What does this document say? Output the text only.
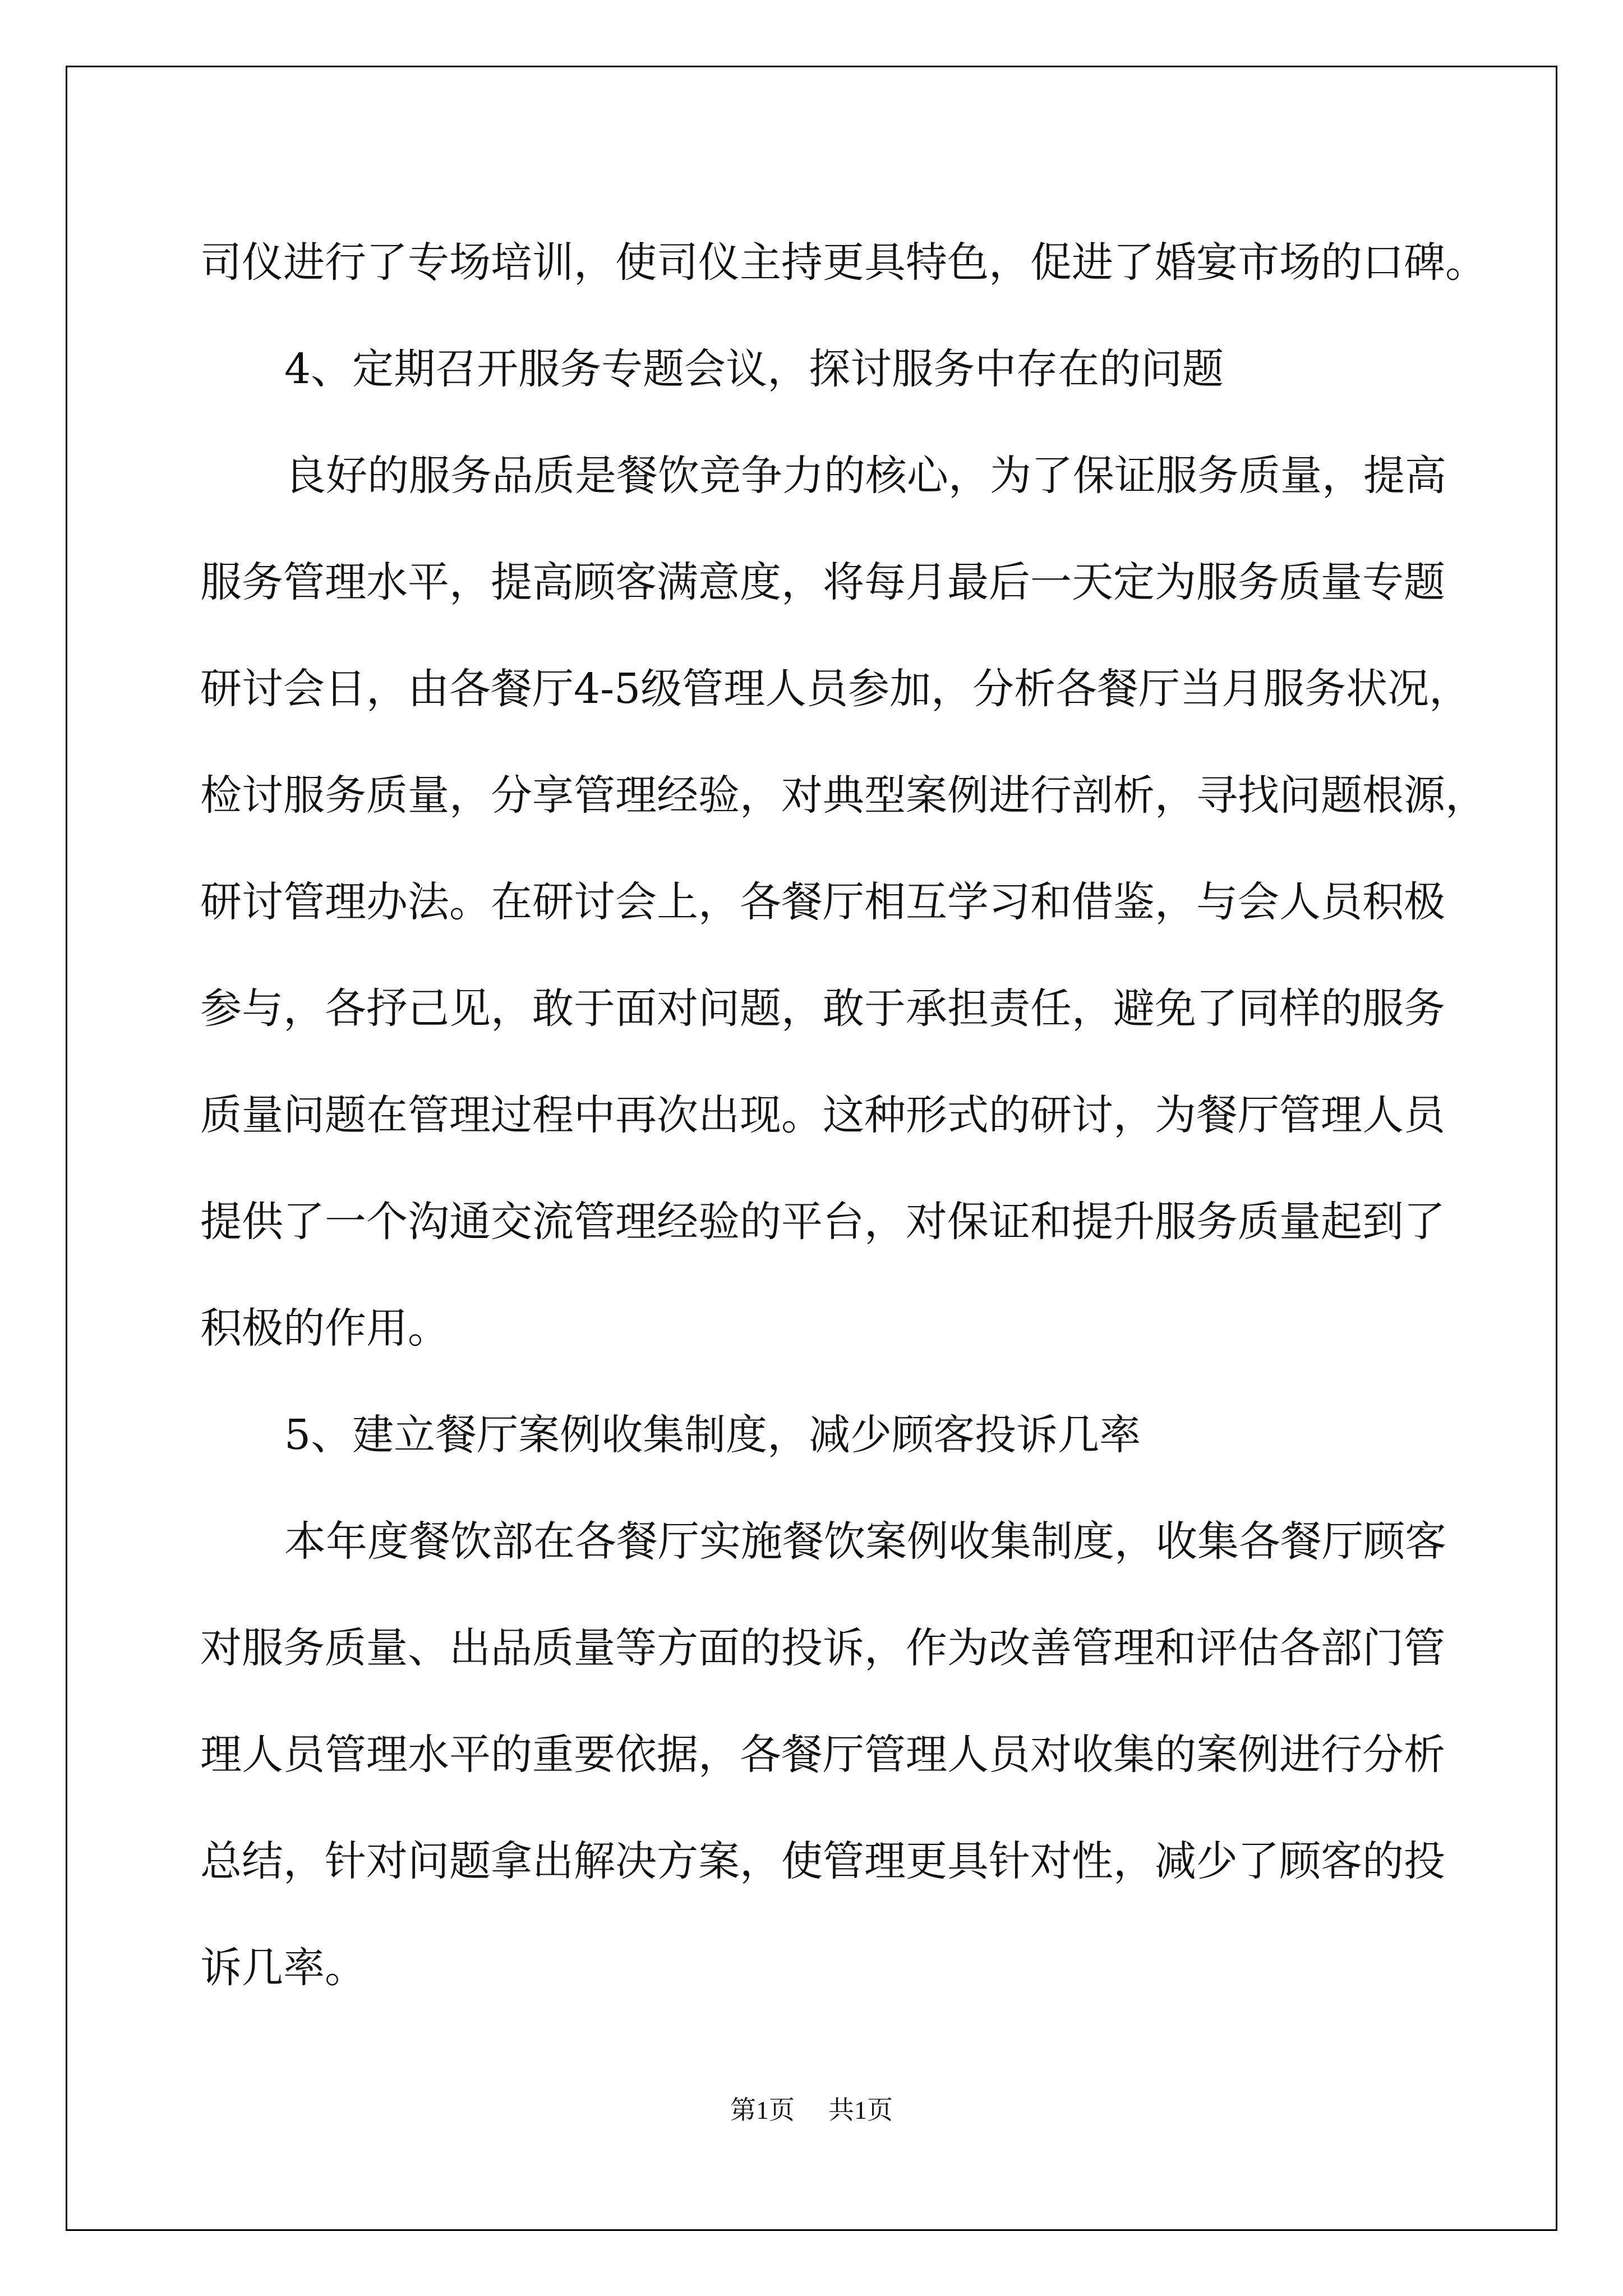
司仪进行了专场培训，使司仪主持更具特色，促进了婚宴市场的口碑。
4、定期召开服务专题会议，探讨服务中存在的问题
良好的服务品质是餐饮竞争力的核心，为了保证服务质量，提高
服务管理水平，提高顾客满意度，将每月最后一天定为服务质量专题
研讨会日，由各餐厅4-5级管理人员参加，分析各餐厅当月服务状况，
检讨服务质量，分享管理经验，对典型案例进行剖析，寻找问题根源，
研讨管理办法。在研讨会上，各餐厅相互学习和借鉴，与会人员积极
参与，各抒己见，敢于面对问题，敢于承担责任，避免了同样的服务
质量问题在管理过程中再次出现。这种形式的研讨，为餐厅管理人员
提供了一个沟通交流管理经验的平台，对保证和提升服务质量起到了
积极的作用。
5、建立餐厅案例收集制度，减少顾客投诉几率
本年度餐饮部在各餐厅实施餐饮案例收集制度，收集各餐厅顾客
对服务质量、出品质量等方面的投诉，作为改善管理和评估各部门管
理人员管理水平的重要依据，各餐厅管理人员对收集的案例进行分析
总结，针对问题拿出解决方案，使管理更具针对性，减少了顾客的投
诉几率。
第1页 共1页
